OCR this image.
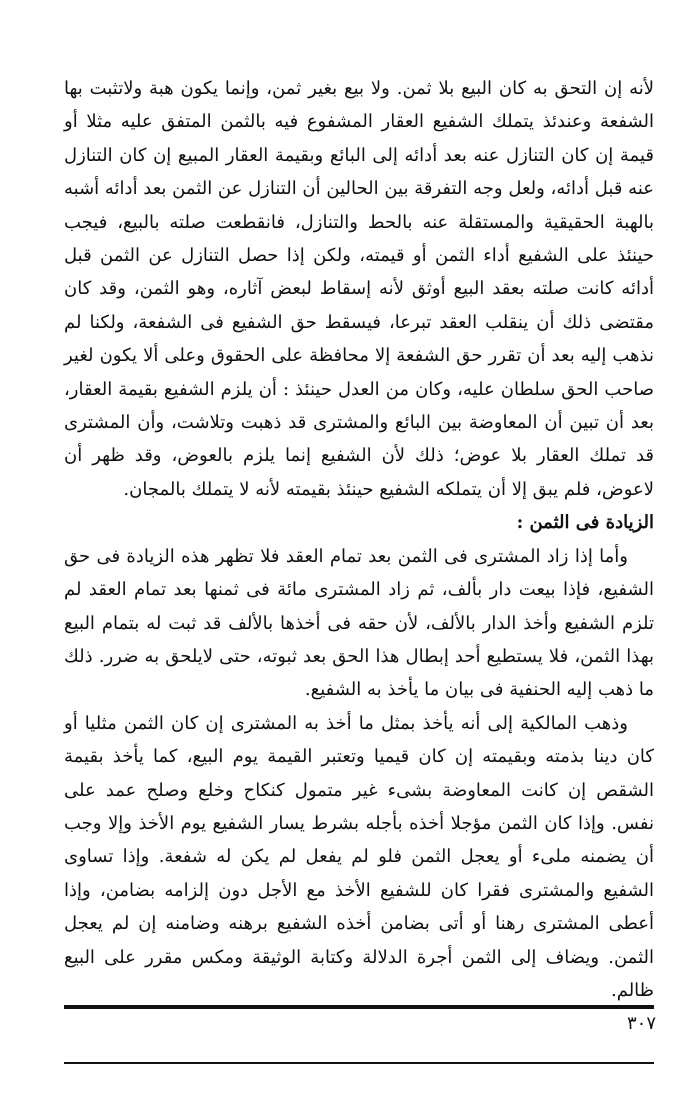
لأنه إن التحق به كان البيع بلا ثمن. ولا بيع بغير ثمن، وإنما يكون هبة ولاتثبت بها الشفعة وعندئذ يتملك الشفيع العقار المشفوع فيه بالثمن المتفق عليه مثلا أو قيمة إن كان التنازل عنه بعد أدائه إلى البائع وبقيمة العقار المبيع إن كان التنازل عنه قبل أدائه، ولعل وجه التفرقة بين الحالين أن التنازل عن الثمن بعد أدائه أشبه بالهبة الحقيقية والمستقلة عنه بالحط والتنازل، فانقطعت صلته بالبيع، فيجب حينئذ على الشفيع أداء الثمن أو قيمته، ولكن إذا حصل التنازل عن الثمن قبل أدائه كانت صلته بعقد البيع أوثق لأنه إسقاط لبعض آثاره، وهو الثمن، وقد كان مقتضى ذلك أن ينقلب العقد تبرعا، فيسقط حق الشفيع فى الشفعة، ولكنا لم نذهب إليه بعد أن تقرر حق الشفعة إلا محافظة على الحقوق وعلى ألا يكون لغير صاحب الحق سلطان عليه، وكان من العدل حينئذ : أن يلزم الشفيع بقيمة العقار، بعد أن تبين أن المعاوضة بين البائع والمشترى قد ذهبت وتلاشت، وأن المشترى قد تملك العقار بلا عوض؛ ذلك لأن الشفيع إنما يلزم بالعوض، وقد ظهر أن لاعوض، فلم يبق إلا أن يتملكه الشفيع حينئذ بقيمته لأنه لا يتملك بالمجان.

الزيادة فى الثمن :

وأما إذا زاد المشترى فى الثمن بعد تمام العقد فلا تظهر هذه الزيادة فى حق الشفيع، فإذا بيعت دار بألف، ثم زاد المشترى مائة فى ثمنها بعد تمام العقد لم تلزم الشفيع وأخذ الدار بالألف، لأن حقه فى أخذها بالألف قد ثبت له بتمام البيع بهذا الثمن، فلا يستطيع أحد إبطال هذا الحق بعد ثبوته، حتى لايلحق به ضرر. ذلك ما ذهب إليه الحنفية فى بيان ما يأخذ به الشفيع.

وذهب المالكية إلى أنه يأخذ بمثل ما أخذ به المشترى إن كان الثمن مثليا أو كان دينا بذمته وبقيمته إن كان قيميا وتعتبر القيمة يوم البيع، كما يأخذ بقيمة الشقص إن كانت المعاوضة بشىء غير متمول كنكاح وخلع وصلح عمد على نفس. وإذا كان الثمن مؤجلا أخذه بأجله بشرط يسار الشفيع يوم الأخذ وإلا وجب أن يضمنه ملىء أو يعجل الثمن فلو لم يفعل لم يكن له شفعة. وإذا تساوى الشفيع والمشترى فقرا كان للشفيع الأخذ مع الأجل دون إلزامه بضامن، وإذا أعطى المشترى رهنا أو أتى بضامن أخذه الشفيع برهنه وضامنه إن لم يعجل الثمن. ويضاف إلى الثمن أجرة الدلالة وكتابة الوثيقة ومكس مقرر على البيع ظالم.

٣٠٧
